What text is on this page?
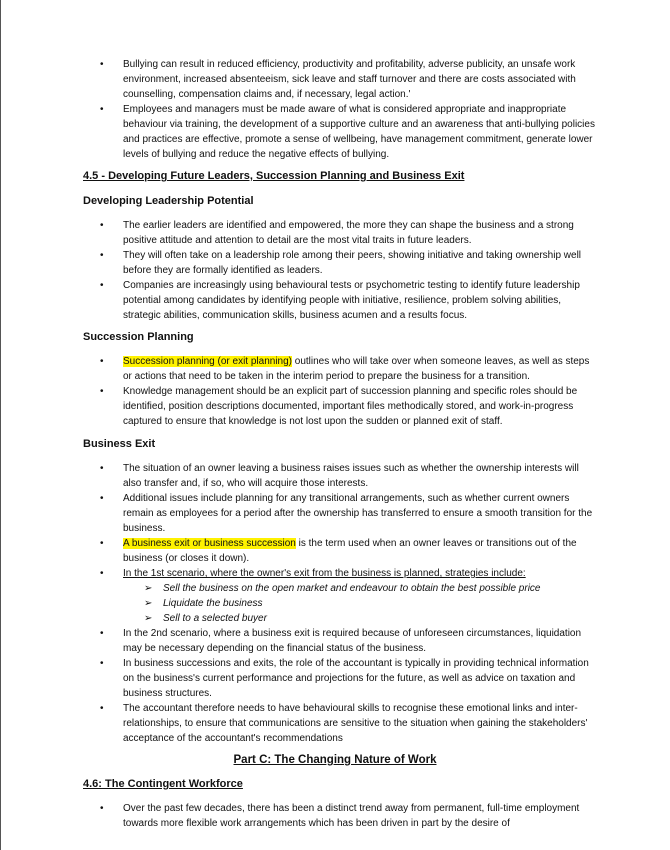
• Bullying can result in reduced efficiency, productivity and profitability, adverse publicity, an unsafe work environment, increased absenteeism, sick leave and staff turnover and there are costs associated with counselling, compensation claims and, if necessary, legal action.'
• Employees and managers must be made aware of what is considered appropriate and inappropriate behaviour via training, the development of a supportive culture and an awareness that anti-bullying policies and practices are effective, promote a sense of wellbeing, have management commitment, generate lower levels of bullying and reduce the negative effects of bullying.
4.5 - Developing Future Leaders, Succession Planning and Business Exit
Developing Leadership Potential
• The earlier leaders are identified and empowered, the more they can shape the business and a strong positive attitude and attention to detail are the most vital traits in future leaders.
• They will often take on a leadership role among their peers, showing initiative and taking ownership well before they are formally identified as leaders.
• Companies are increasingly using behavioural tests or psychometric testing to identify future leadership potential among candidates by identifying people with initiative, resilience, problem solving abilities, strategic abilities, communication skills, business acumen and a results focus.
Succession Planning
• Succession planning (or exit planning) outlines who will take over when someone leaves, as well as steps or actions that need to be taken in the interim period to prepare the business for a transition.
• Knowledge management should be an explicit part of succession planning and specific roles should be identified, position descriptions documented, important files methodically stored, and work-in-progress captured to ensure that knowledge is not lost upon the sudden or planned exit of staff.
Business Exit
• The situation of an owner leaving a business raises issues such as whether the ownership interests will also transfer and, if so, who will acquire those interests.
• Additional issues include planning for any transitional arrangements, such as whether current owners remain as employees for a period after the ownership has transferred to ensure a smooth transition for the business.
• A business exit or business succession is the term used when an owner leaves or transitions out of the business (or closes it down).
• In the 1st scenario, where the owner's exit from the business is planned, strategies include:
➢ Sell the business on the open market and endeavour to obtain the best possible price
➢ Liquidate the business
➢ Sell to a selected buyer
• In the 2nd scenario, where a business exit is required because of unforeseen circumstances, liquidation may be necessary depending on the financial status of the business.
• In business successions and exits, the role of the accountant is typically in providing technical information on the business's current performance and projections for the future, as well as advice on taxation and business structures.
• The accountant therefore needs to have behavioural skills to recognise these emotional links and inter-relationships, to ensure that communications are sensitive to the situation when gaining the stakeholders' acceptance of the accountant's recommendations
Part C: The Changing Nature of Work
4.6: The Contingent Workforce
• Over the past few decades, there has been a distinct trend away from permanent, full-time employment towards more flexible work arrangements which has been driven in part by the desire of
